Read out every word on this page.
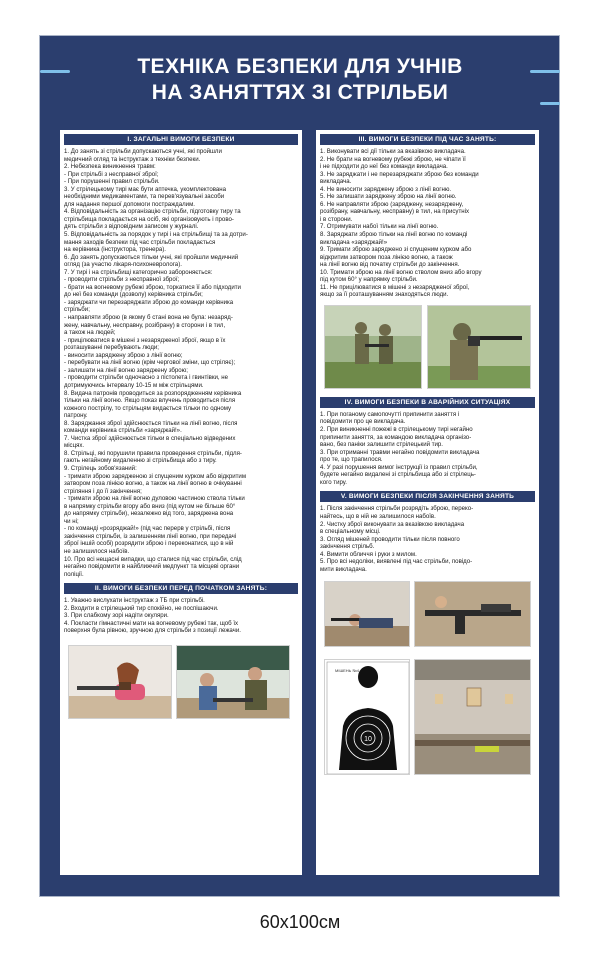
ТЕХНІКА БЕЗПЕКИ ДЛЯ УЧНІВ
НА ЗАНЯТТЯХ ЗІ СТРІЛЬБИ
І. ЗАГАЛЬНІ ВИМОГИ БЕЗПЕКИ
1. До занять зі стрільби допускаються учні, які пройшли
медичний огляд та інструктаж з техніки безпеки.
2. Небезпека виникнення травм:
- При стрільбі з несправної зброї;
- При порушенні правил стрільби.
3. У стрілецькому тирі має бути аптечка, укомплектована
необхідними медикаментами, та перев'язувальні засоби
для надання першої допомоги постраждалим.
4. Відповідальність за організацію стрільби, підготовку тиру та
стрільбища покладається на осіб, які організовують і прово-
дять стрільби з відповідним записом у журналі.
5. Відповідальність за порядок у тирі і на стрільбищі та за дотри-
мання заходів безпеки під час стрільби покладається
на керівника (інструктора, тренера).
6. До занять допускаються тільки учні, які пройшли медичний
огляд (за участю лікаря-психоневролога).
7. У тирі і на стрільбищі категорично забороняється:
- проводити стрільби з несправної зброї;
- брати на вогневому рубежі зброю, торкатися її або підходити
до неї без команди (дозволу) керівника стрільби;
- заряджати чи перезаряджати зброю до команди керівника
стрільби;
- направляти зброю (в якому б стані вона не була: незаряд-
жену, навчальну, несправну, розібрану) в сторони і в тил,
а також на людей;
- прицілюватися в мішені з незарядженої зброї, якщо в їх
розташуванні перебувають люди;
- виносити заряджену зброю з лінії вогню;
- перебувати на лінії вогню (крім чергової зміни, що стріляє);
- залишати на лінії вогню заряджену зброю;
- проводити стрільби одночасно з пістолета і гвинтівки, не
дотримуючись інтервалу 10-15 м між стрільцями.
8. Видача патронів проводиться за розпорядженням керівника
тільки на лінії вогню. Якщо показ влучень проводиться після
кожного пострілу, то стрільцям видається тільки по одному
патрону.
8. Заряджання зброї здійснюється тільки на лінії вогню, після
команди керівника стрільби «заряджай!».
7. Чистка зброї здійснюється тільки в спеціально відведених
місцях.
8. Стрільці, які порушили правила проведення стрільби, підля-
гають негайному видаленню зі стрільбища або з тиру.
9. Стрілець зобов'язаний:
- тримати зброю зарядженою зі спущеним курком або відкритим
затвором поза лінією вогню, а також на лінії вогню в очікуванні
стріляння і до її закінчення;
- тримати зброю на лінії вогню дуловою частиною ствола тільки
в напрямку стрільби вгору або вниз (під кутом не більше 60°
до напрямку стрільби), незалежно від того, заряджена вона
чи ні;
- по команді «розряджай!» (під час перерв у стрільбі, після
закінчення стрільби, із залишенням лінії вогню, при передачі
зброї іншій особі) розрядити зброю і переконатися, що в ній
не залишилося набоїв.
10. Про всі нещасні випадки, що сталися під час стрільби, слід
негайно повідомити в найближчий медпункт та місцеві органи
поліції.
ІІ. ВИМОГИ БЕЗПЕКИ ПЕРЕД ПОЧАТКОМ ЗАНЯТЬ:
1. Уважно вислухати інструктаж з ТБ при стрільбі.
2. Входити в стрілецький тир спокійно, не поспішаючи.
3. При слабкому зорі надіти окуляри.
4. Покласти гімнастичні мати на вогневому рубежі так, щоб їх
поверхня була рівною, зручною для стрільби з позиції лежачи.
ІІІ. ВИМОГИ БЕЗПЕКИ ПІД ЧАС ЗАНЯТЬ:
1. Виконувати всі дії тільки за вказівкою викладача.
2. Не брати на вогневому рубежі зброю, не чіпати її
і не підходити до неї без команди викладача.
3. Не заряджати і не перезаряджати зброю без команди
викладача.
4. Не виносити заряджену зброю з лінії вогню.
5. Не залишати заряджену зброю на лінії вогню.
6. Не направляти зброю (заряджену, незаряджену,
розібрану, навчальну, несправну) в тил, на присутніх
і в сторони.
7. Отримувати набої тільки на лінії вогню.
8. Заряджати зброю тільки на лінії вогню по команді
викладача «заряджай!»
9. Тримати зброю заряджено зі спущеним курком або
відкритим затвором поза лінією вогню, а також
на лінії вогню від початку стрільби до закінчення.
10. Тримати зброю на лінії вогню стволом вниз або вгору
під кутом 60° у напрямку стрільби.
11. Не прицілюватися в мішені з незарядженої зброї,
якщо за її розташуванням знаходяться люди.
ІV. ВИМОГИ БЕЗПЕКИ В АВАРІЙНИХ СИТУАЦІЯХ
1. При поганому самопочутті припинити заняття і
повідомити про це викладача.
2. При виникненні пожежі в стрілецькому тирі негайно
припинити заняття, за командою викладача організо-
вано, без паніки залишити стрілецький тир.
3. При отриманні травми негайно повідомити викладача
про те, що трапилося.
4. У разі порушення вимог інструкції із правил стрільби,
будете негайно видалені зі стрільбища або зі стрілець-
кого тиру.
V. ВИМОГИ БЕЗПЕКИ ПІСЛЯ ЗАКІНЧЕННЯ ЗАНЯТЬ
1. Після закінчення стрільби розрядіть зброю, переко-
найтесь, що в ній не залишилося набоїв.
2. Чистку зброї виконувати за вказівкою викладача
в спеціальному місці.
3. Огляд мішеней проводити тільки після повного
закінчення стрільб.
4. Вимити обличчя і руки з милом.
5. Про всі недоліки, виявлені під час стрільби, повідо-
мити викладача.
10
МІШЕНЬ №4
60x100см
